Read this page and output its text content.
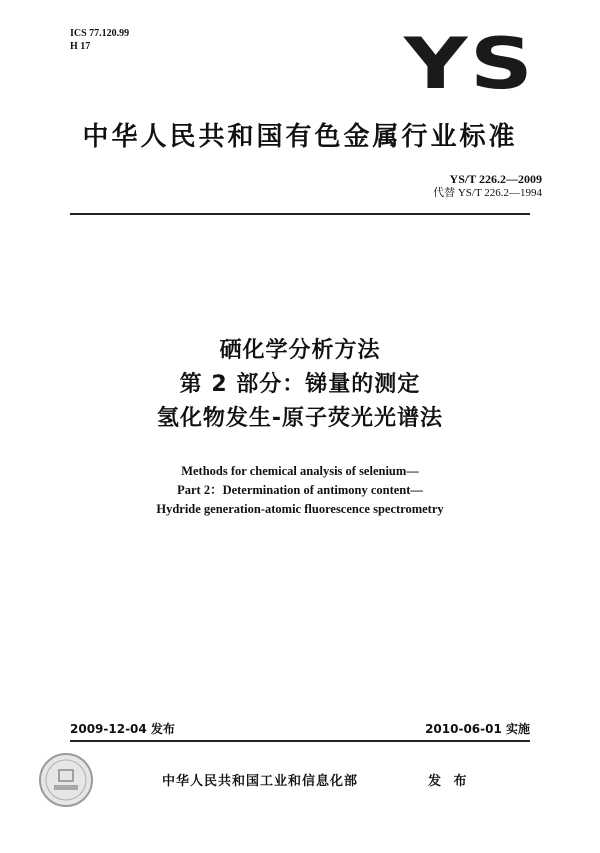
ICS 77.120.99
H 17	YS
中华人民共和国有色金属行业标准
YS/T 226.2—2009
代替 YS/T 226.2—1994
硒化学分析方法
第 2 部分：锑量的测定
氢化物发生-原子荧光光谱法
Methods for chemical analysis of selenium—
Part 2：Determination of antimony content—
Hydride generation-atomic fluorescence spectrometry
2009-12-04 发布	2010-06-01 实施
中华人民共和国工业和信息化部	发 布
